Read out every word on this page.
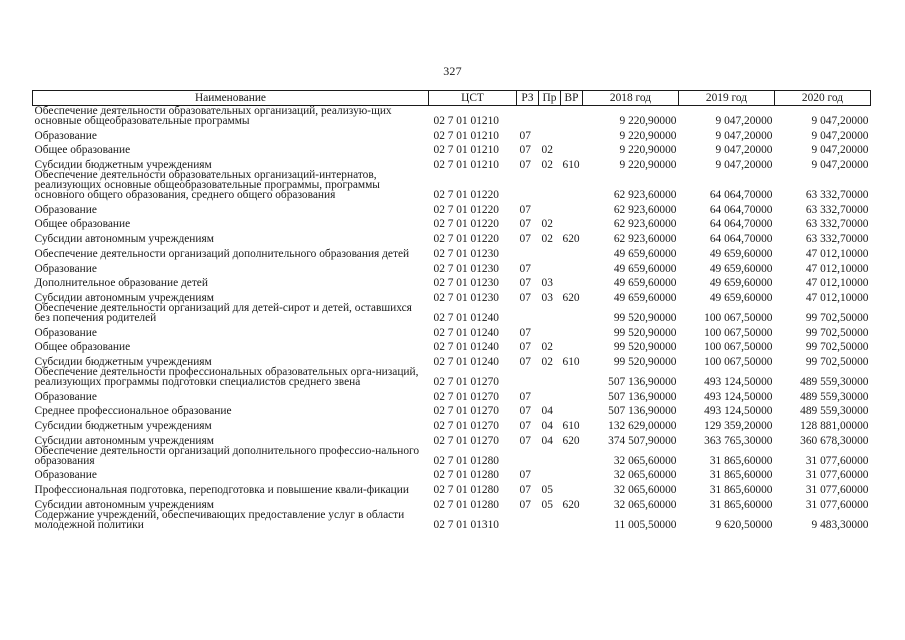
327
Наименование	ЦСТ	РЗ	Пр	ВР	2018 год	2019 год	2020 год
Обеспечение деятельности образовательных организаций, реализую-щих основные общеобразовательные программы	02 7 01 01210				9 220,90000	9 047,20000	9 047,20000
Образование	02 7 01 01210	07			9 220,90000	9 047,20000	9 047,20000
Общее образование	02 7 01 01210	07	02		9 220,90000	9 047,20000	9 047,20000
Субсидии бюджетным учреждениям	02 7 01 01210	07	02	610	9 220,90000	9 047,20000	9 047,20000
Обеспечение деятельности образовательных организаций-интернатов, реализующих основные общеобразовательные программы, программы основного общего образования, среднего общего образования	02 7 01 01220				62 923,60000	64 064,70000	63 332,70000
Образование	02 7 01 01220	07			62 923,60000	64 064,70000	63 332,70000
Общее образование	02 7 01 01220	07	02		62 923,60000	64 064,70000	63 332,70000
Субсидии автономным учреждениям	02 7 01 01220	07	02	620	62 923,60000	64 064,70000	63 332,70000
Обеспечение деятельности организаций дополнительного образования детей	02 7 01 01230				49 659,60000	49 659,60000	47 012,10000
Образование	02 7 01 01230	07			49 659,60000	49 659,60000	47 012,10000
Дополнительное образование детей	02 7 01 01230	07	03		49 659,60000	49 659,60000	47 012,10000
Субсидии автономным учреждениям	02 7 01 01230	07	03	620	49 659,60000	49 659,60000	47 012,10000
Обеспечение деятельности организаций для детей-сирот и детей, оставшихся без попечения родителей	02 7 01 01240				99 520,90000	100 067,50000	99 702,50000
Образование	02 7 01 01240	07			99 520,90000	100 067,50000	99 702,50000
Общее образование	02 7 01 01240	07	02		99 520,90000	100 067,50000	99 702,50000
Субсидии бюджетным учреждениям	02 7 01 01240	07	02	610	99 520,90000	100 067,50000	99 702,50000
Обеспечение деятельности профессиональных образовательных орга-низаций, реализующих программы подготовки специалистов среднего звена	02 7 01 01270				507 136,90000	493 124,50000	489 559,30000
Образование	02 7 01 01270	07			507 136,90000	493 124,50000	489 559,30000
Среднее профессиональное образование	02 7 01 01270	07	04		507 136,90000	493 124,50000	489 559,30000
Субсидии бюджетным учреждениям	02 7 01 01270	07	04	610	132 629,00000	129 359,20000	128 881,00000
Субсидии автономным учреждениям	02 7 01 01270	07	04	620	374 507,90000	363 765,30000	360 678,30000
Обеспечение деятельности организаций дополнительного профессио-нального образования	02 7 01 01280				32 065,60000	31 865,60000	31 077,60000
Образование	02 7 01 01280	07			32 065,60000	31 865,60000	31 077,60000
Профессиональная подготовка, переподготовка и повышение квали-фикации	02 7 01 01280	07	05		32 065,60000	31 865,60000	31 077,60000
Субсидии автономным учреждениям	02 7 01 01280	07	05	620	32 065,60000	31 865,60000	31 077,60000
Содержание учреждений, обеспечивающих предоставление услуг в области молодежной политики	02 7 01 01310				11 005,50000	9 620,50000	9 483,30000
